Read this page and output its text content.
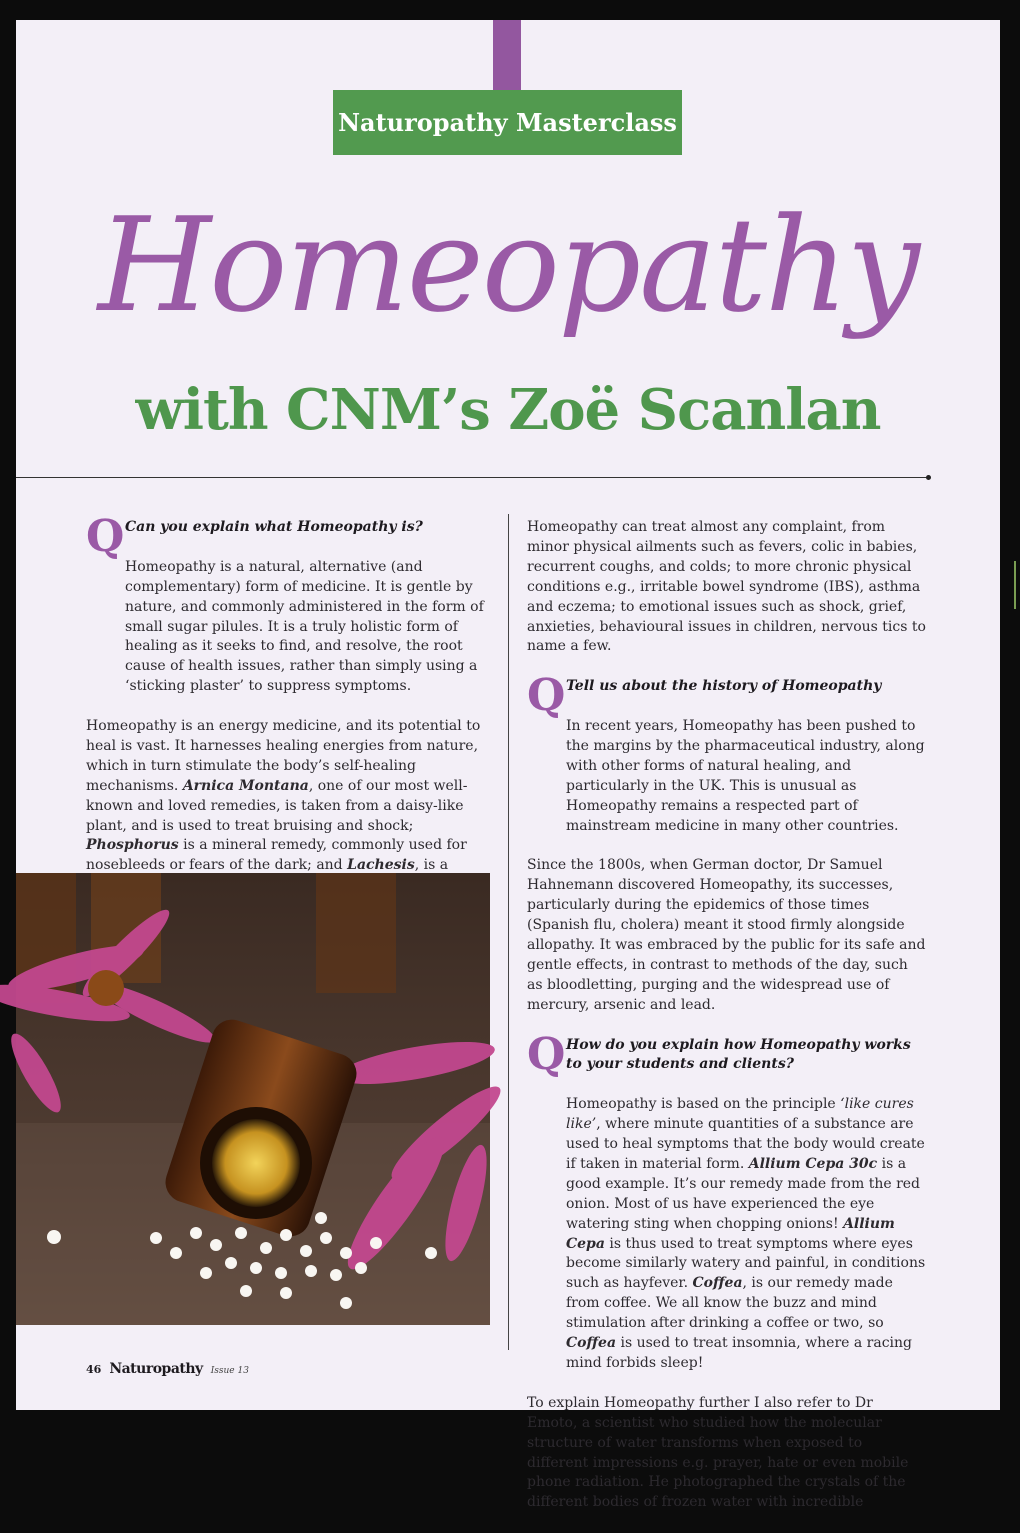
Naturopathy Masterclass
Homeopathy
with CNM’s Zoë Scanlan
Q Can you explain what Homeopathy is?

Homeopathy is a natural, alternative (and complementary) form of medicine. It is gentle by nature, and commonly administered in the form of small sugar pilules. It is a truly holistic form of healing as it seeks to find, and resolve, the root cause of health issues, rather than simply using a ‘sticking plaster’ to suppress symptoms.

Homeopathy is an energy medicine, and its potential to heal is vast. It harnesses healing energies from nature, which in turn stimulate the body’s self-healing mechanisms. Arnica Montana, one of our most well-known and loved remedies, is taken from a daisy-like plant, and is used to treat bruising and shock; Phosphorus is a mineral remedy, commonly used for nosebleeds or fears of the dark; and Lachesis, is a

Homeopathy can treat almost any complaint, from minor physical ailments such as fevers, colic in babies, recurrent coughs, and colds; to more chronic physical conditions e.g., irritable bowel syndrome (IBS), asthma and eczema; to emotional issues such as shock, grief, anxieties, behavioural issues in children, nervous tics to name a few.

Q Tell us about the history of Homeopathy

In recent years, Homeopathy has been pushed to the margins by the pharmaceutical industry, along with other forms of natural healing, and particularly in the UK. This is unusual as Homeopathy remains a respected part of mainstream medicine in many other countries.

Since the 1800s, when German doctor, Dr Samuel Hahnemann discovered Homeopathy, its successes, particularly during the epidemics of those times (Spanish flu, cholera) meant it stood firmly alongside allopathy. It was embraced by the public for its safe and gentle effects, in contrast to methods of the day, such as bloodletting, purging and the widespread use of mercury, arsenic and lead.

Q How do you explain how Homeopathy works to your students and clients?

Homeopathy is based on the principle ‘like cures like’, where minute quantities of a substance are used to heal symptoms that the body would create if taken in material form. Allium Cepa 30c is a good example. It’s our remedy made from the red onion. Most of us have experienced the eye watering sting when chopping onions! Allium Cepa is thus used to treat symptoms where eyes become similarly watery and painful, in conditions such as hayfever. Coffea, is our remedy made from coffee. We all know the buzz and mind stimulation after drinking a coffee or two, so Coffea is used to treat insomnia, where a racing mind forbids sleep!

To explain Homeopathy further I also refer to Dr Emoto, a scientist who studied how the molecular structure of water transforms when exposed to different impressions e.g. prayer, hate or even mobile phone radiation. He photographed the crystals of the different bodies of frozen water with incredible

46 Naturopathy Issue 13
